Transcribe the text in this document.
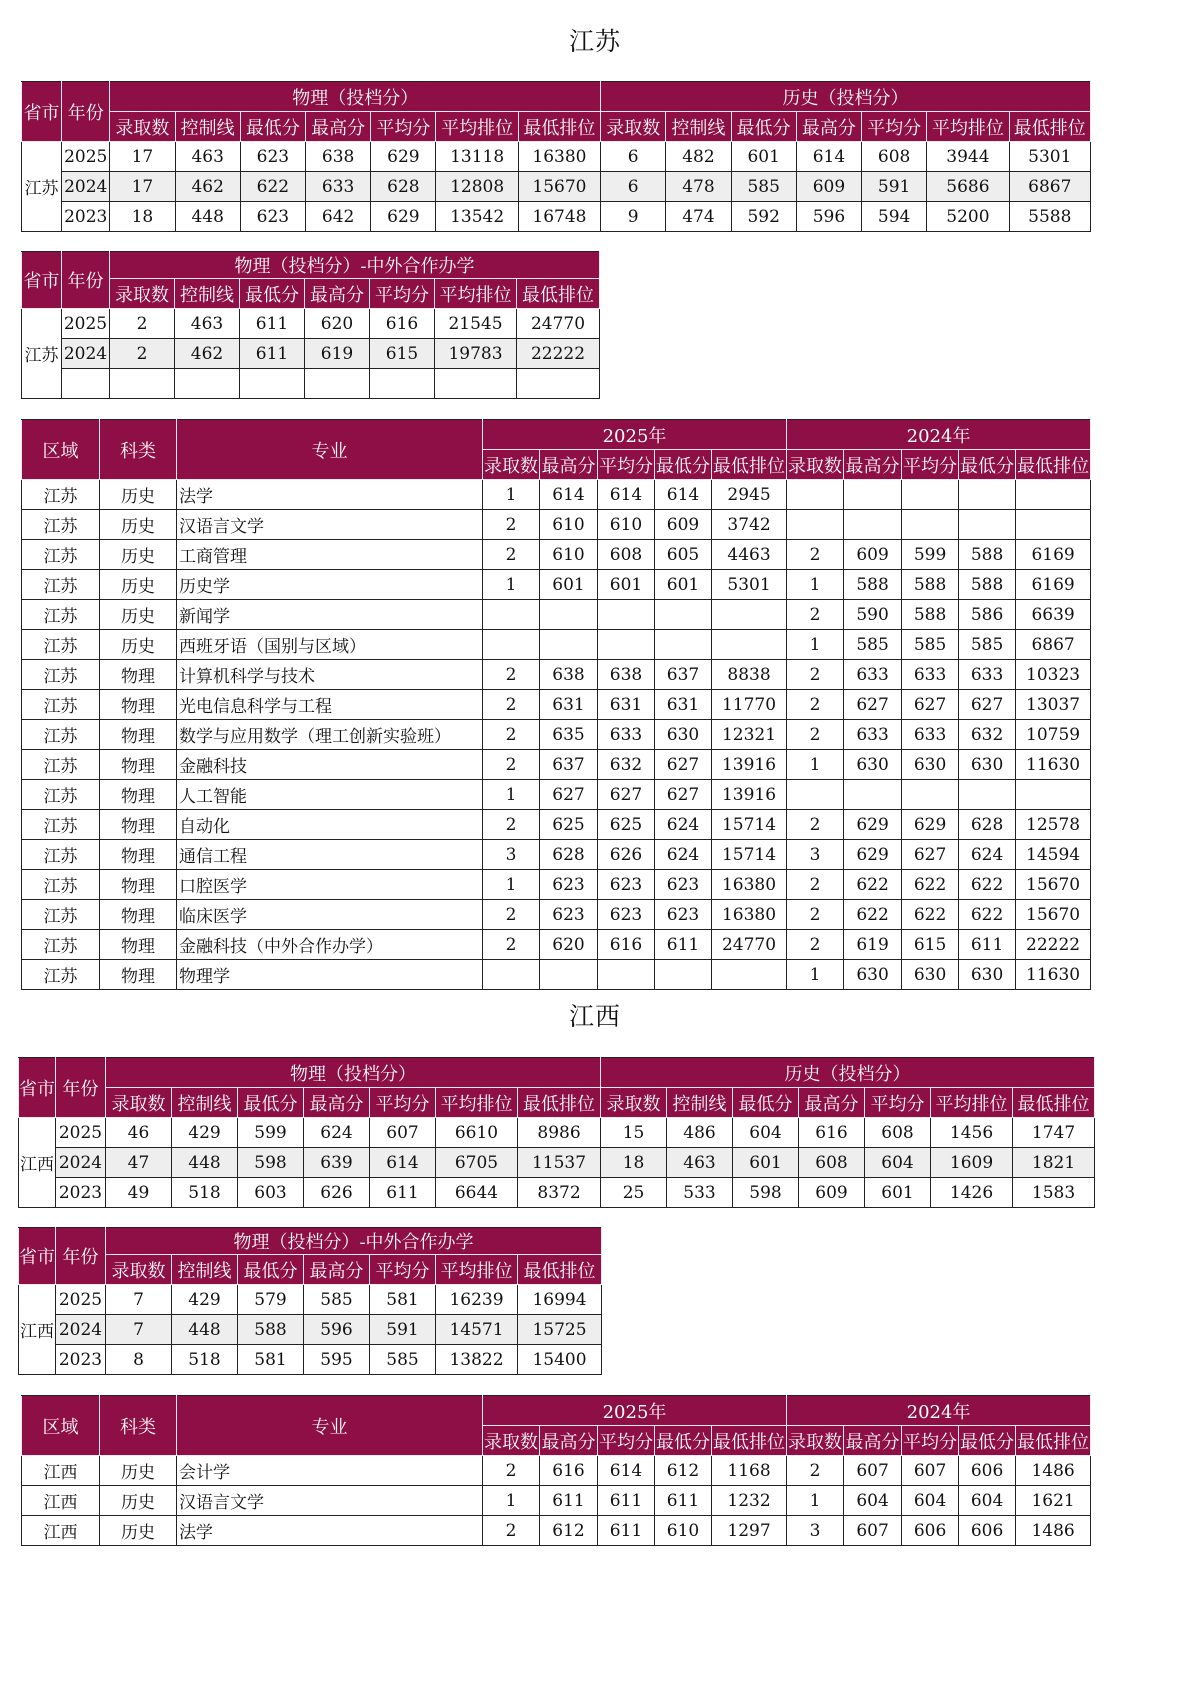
江苏
省市	年份	物理（投档分）							历史（投档分）						
		录取数	控制线	最低分	最高分	平均分	平均排位	最低排位	录取数	控制线	最低分	最高分	平均分	平均排位	最低排位
江苏	2025	17	463	623	638	629	13118	16380	6	482	601	614	608	3944	5301
	2024	17	462	622	633	628	12808	15670	6	478	585	609	591	5686	6867
	2023	18	448	623	642	629	13542	16748	9	474	592	596	594	5200	5588
省市	年份	物理（投档分）-中外合作办学						
		录取数	控制线	最低分	最高分	平均分	平均排位	最低排位
江苏	2025	2	463	611	620	616	21545	24770
	2024	2	462	611	619	615	19783	22222

区域	科类	专业	2025年					2024年				
			录取数	最高分	平均分	最低分	最低排位	录取数	最高分	平均分	最低分	最低排位
江苏	历史	法学	1	614	614	614	2945					
江苏	历史	汉语言文学	2	610	610	609	3742					
江苏	历史	工商管理	2	610	608	605	4463	2	609	599	588	6169
江苏	历史	历史学	1	601	601	601	5301	1	588	588	588	6169
江苏	历史	新闻学						2	590	588	586	6639
江苏	历史	西班牙语（国别与区域）						1	585	585	585	6867
江苏	物理	计算机科学与技术	2	638	638	637	8838	2	633	633	633	10323
江苏	物理	光电信息科学与工程	2	631	631	631	11770	2	627	627	627	13037
江苏	物理	数学与应用数学（理工创新实验班）	2	635	633	630	12321	2	633	633	632	10759
江苏	物理	金融科技	2	637	632	627	13916	1	630	630	630	11630
江苏	物理	人工智能	1	627	627	627	13916					
江苏	物理	自动化	2	625	625	624	15714	2	629	629	628	12578
江苏	物理	通信工程	3	628	626	624	15714	3	629	627	624	14594
江苏	物理	口腔医学	1	623	623	623	16380	2	622	622	622	15670
江苏	物理	临床医学	2	623	623	623	16380	2	622	622	622	15670
江苏	物理	金融科技（中外合作办学）	2	620	616	611	24770	2	619	615	611	22222
江苏	物理	物理学						1	630	630	630	11630
江西
省市	年份	物理（投档分）							历史（投档分）						
		录取数	控制线	最低分	最高分	平均分	平均排位	最低排位	录取数	控制线	最低分	最高分	平均分	平均排位	最低排位
江西	2025	46	429	599	624	607	6610	8986	15	486	604	616	608	1456	1747
	2024	47	448	598	639	614	6705	11537	18	463	601	608	604	1609	1821
	2023	49	518	603	626	611	6644	8372	25	533	598	609	601	1426	1583
省市	年份	物理（投档分）-中外合作办学						
		录取数	控制线	最低分	最高分	平均分	平均排位	最低排位
江西	2025	7	429	579	585	581	16239	16994
	2024	7	448	588	596	591	14571	15725
	2023	8	518	581	595	585	13822	15400
区域	科类	专业	2025年					2024年				
			录取数	最高分	平均分	最低分	最低排位	录取数	最高分	平均分	最低分	最低排位
江西	历史	会计学	2	616	614	612	1168	2	607	607	606	1486
江西	历史	汉语言文学	1	611	611	611	1232	1	604	604	604	1621
江西	历史	法学	2	612	611	610	1297	3	607	606	606	1486
